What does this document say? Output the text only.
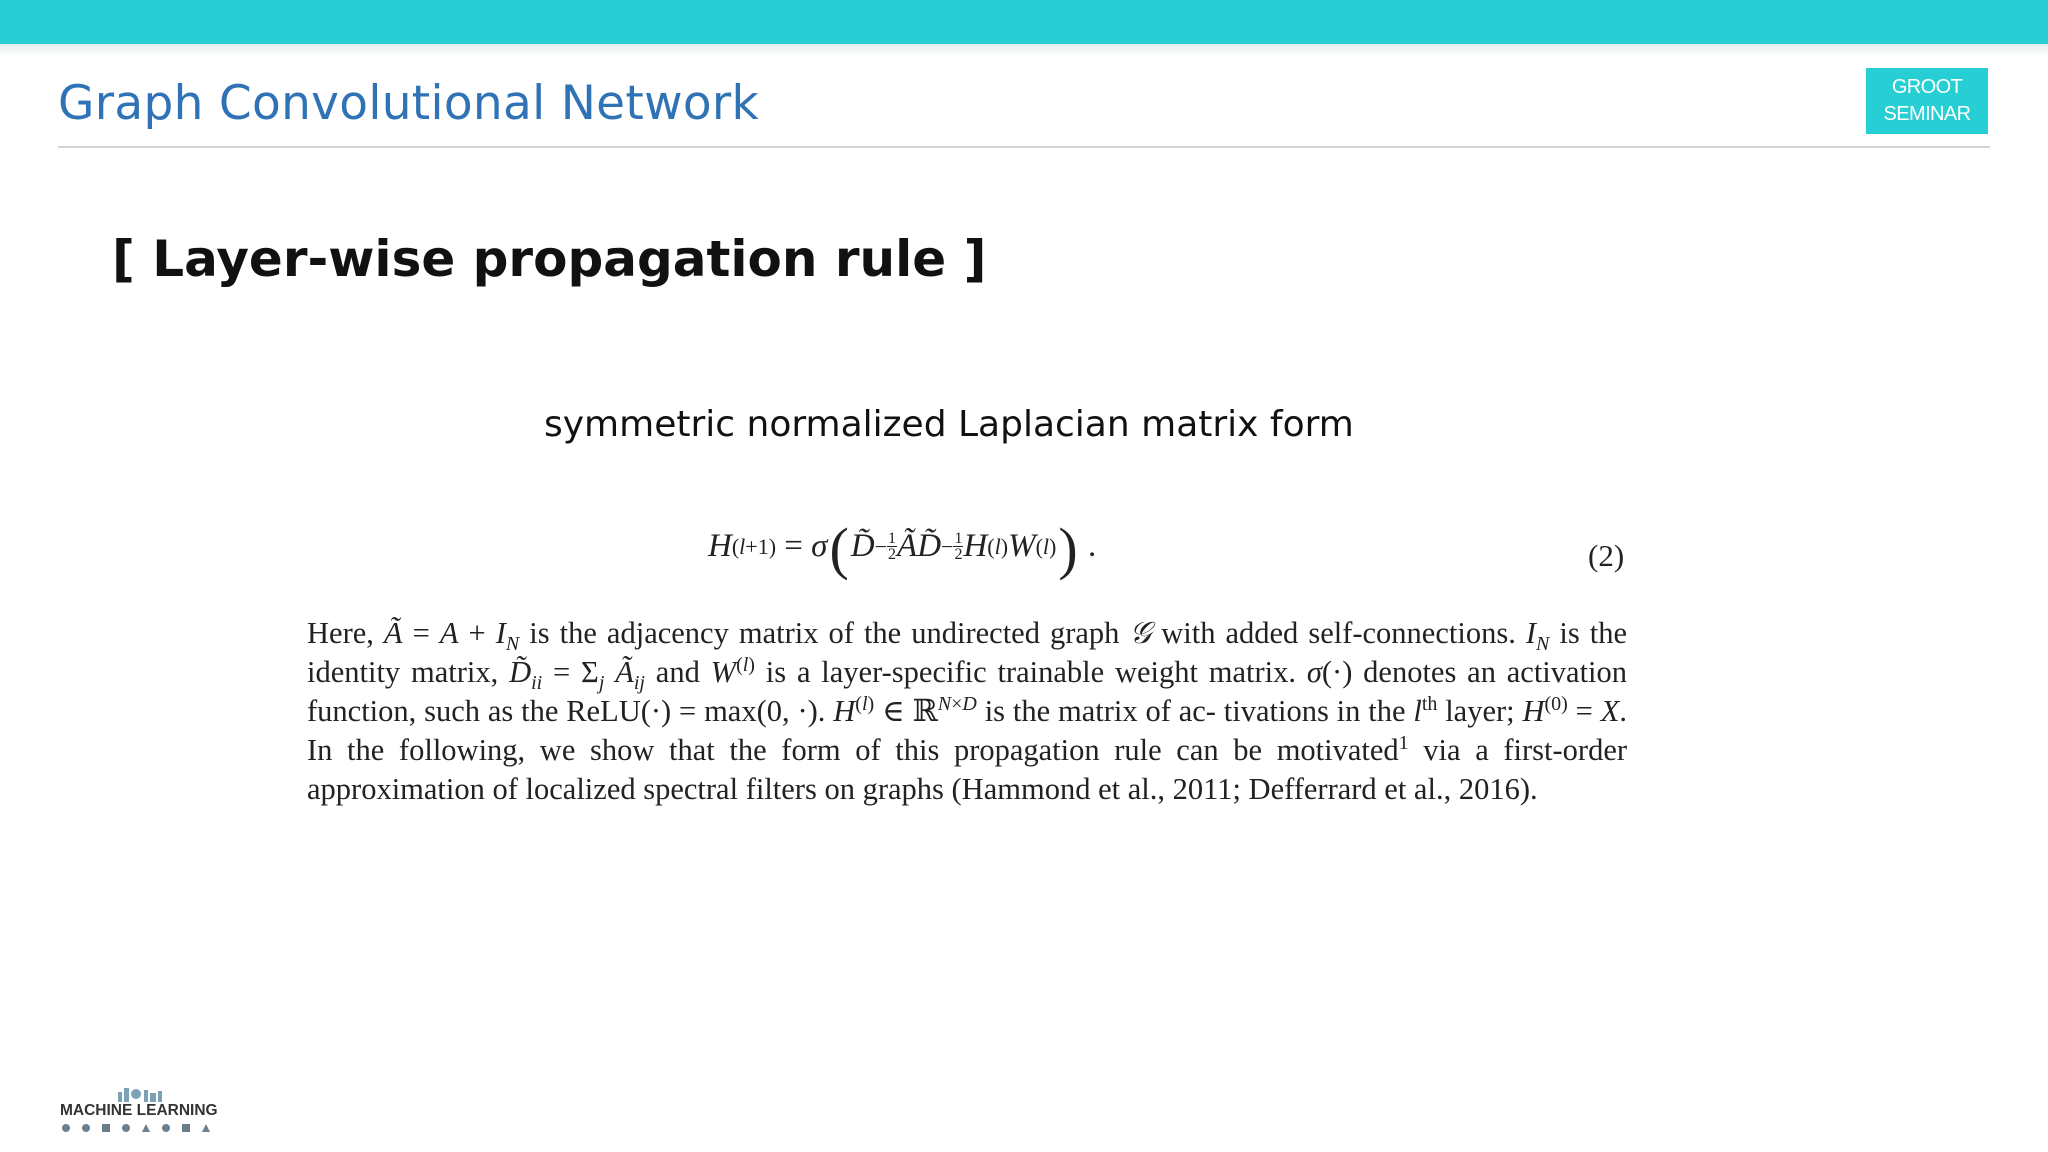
Graph Convolutional Network	GROOT
SEMINAR
[ Layer-wise propagation rule ]
symmetric normalized Laplacian matrix form
H (l+1) = σ ( D̃ − $\frac{1}{2}$ ÃD̃ − $\frac{1}{2}$ H (l) W (l) ) .	(2)
Here, Ã = $A + I_N$ is the adjacency matrix of the undirected graph 𝒢 with added self-connections. $I_N$ is the identity matrix, $D̃_{ii} = \Sigma_j$ $Ã_{ij}$ and $W^{(l)}$ is a layer-specific trainable weight matrix. σ(·) denotes an activation function, such as the ReLU(·) = max(0, ·). $H^{(l)}$ ∈ ℝ$^{N\times D}$ is the matrix of ac- tivations in the $l^{th}$ layer; $H^{(0)} = X$. In the following, we show that the form of this propagation rule can be motivated$^1$ via a first-order approximation of localized spectral filters on graphs (Hammond et al., 2011; Defferrard et al., 2016).
MACHINE LEARNING
